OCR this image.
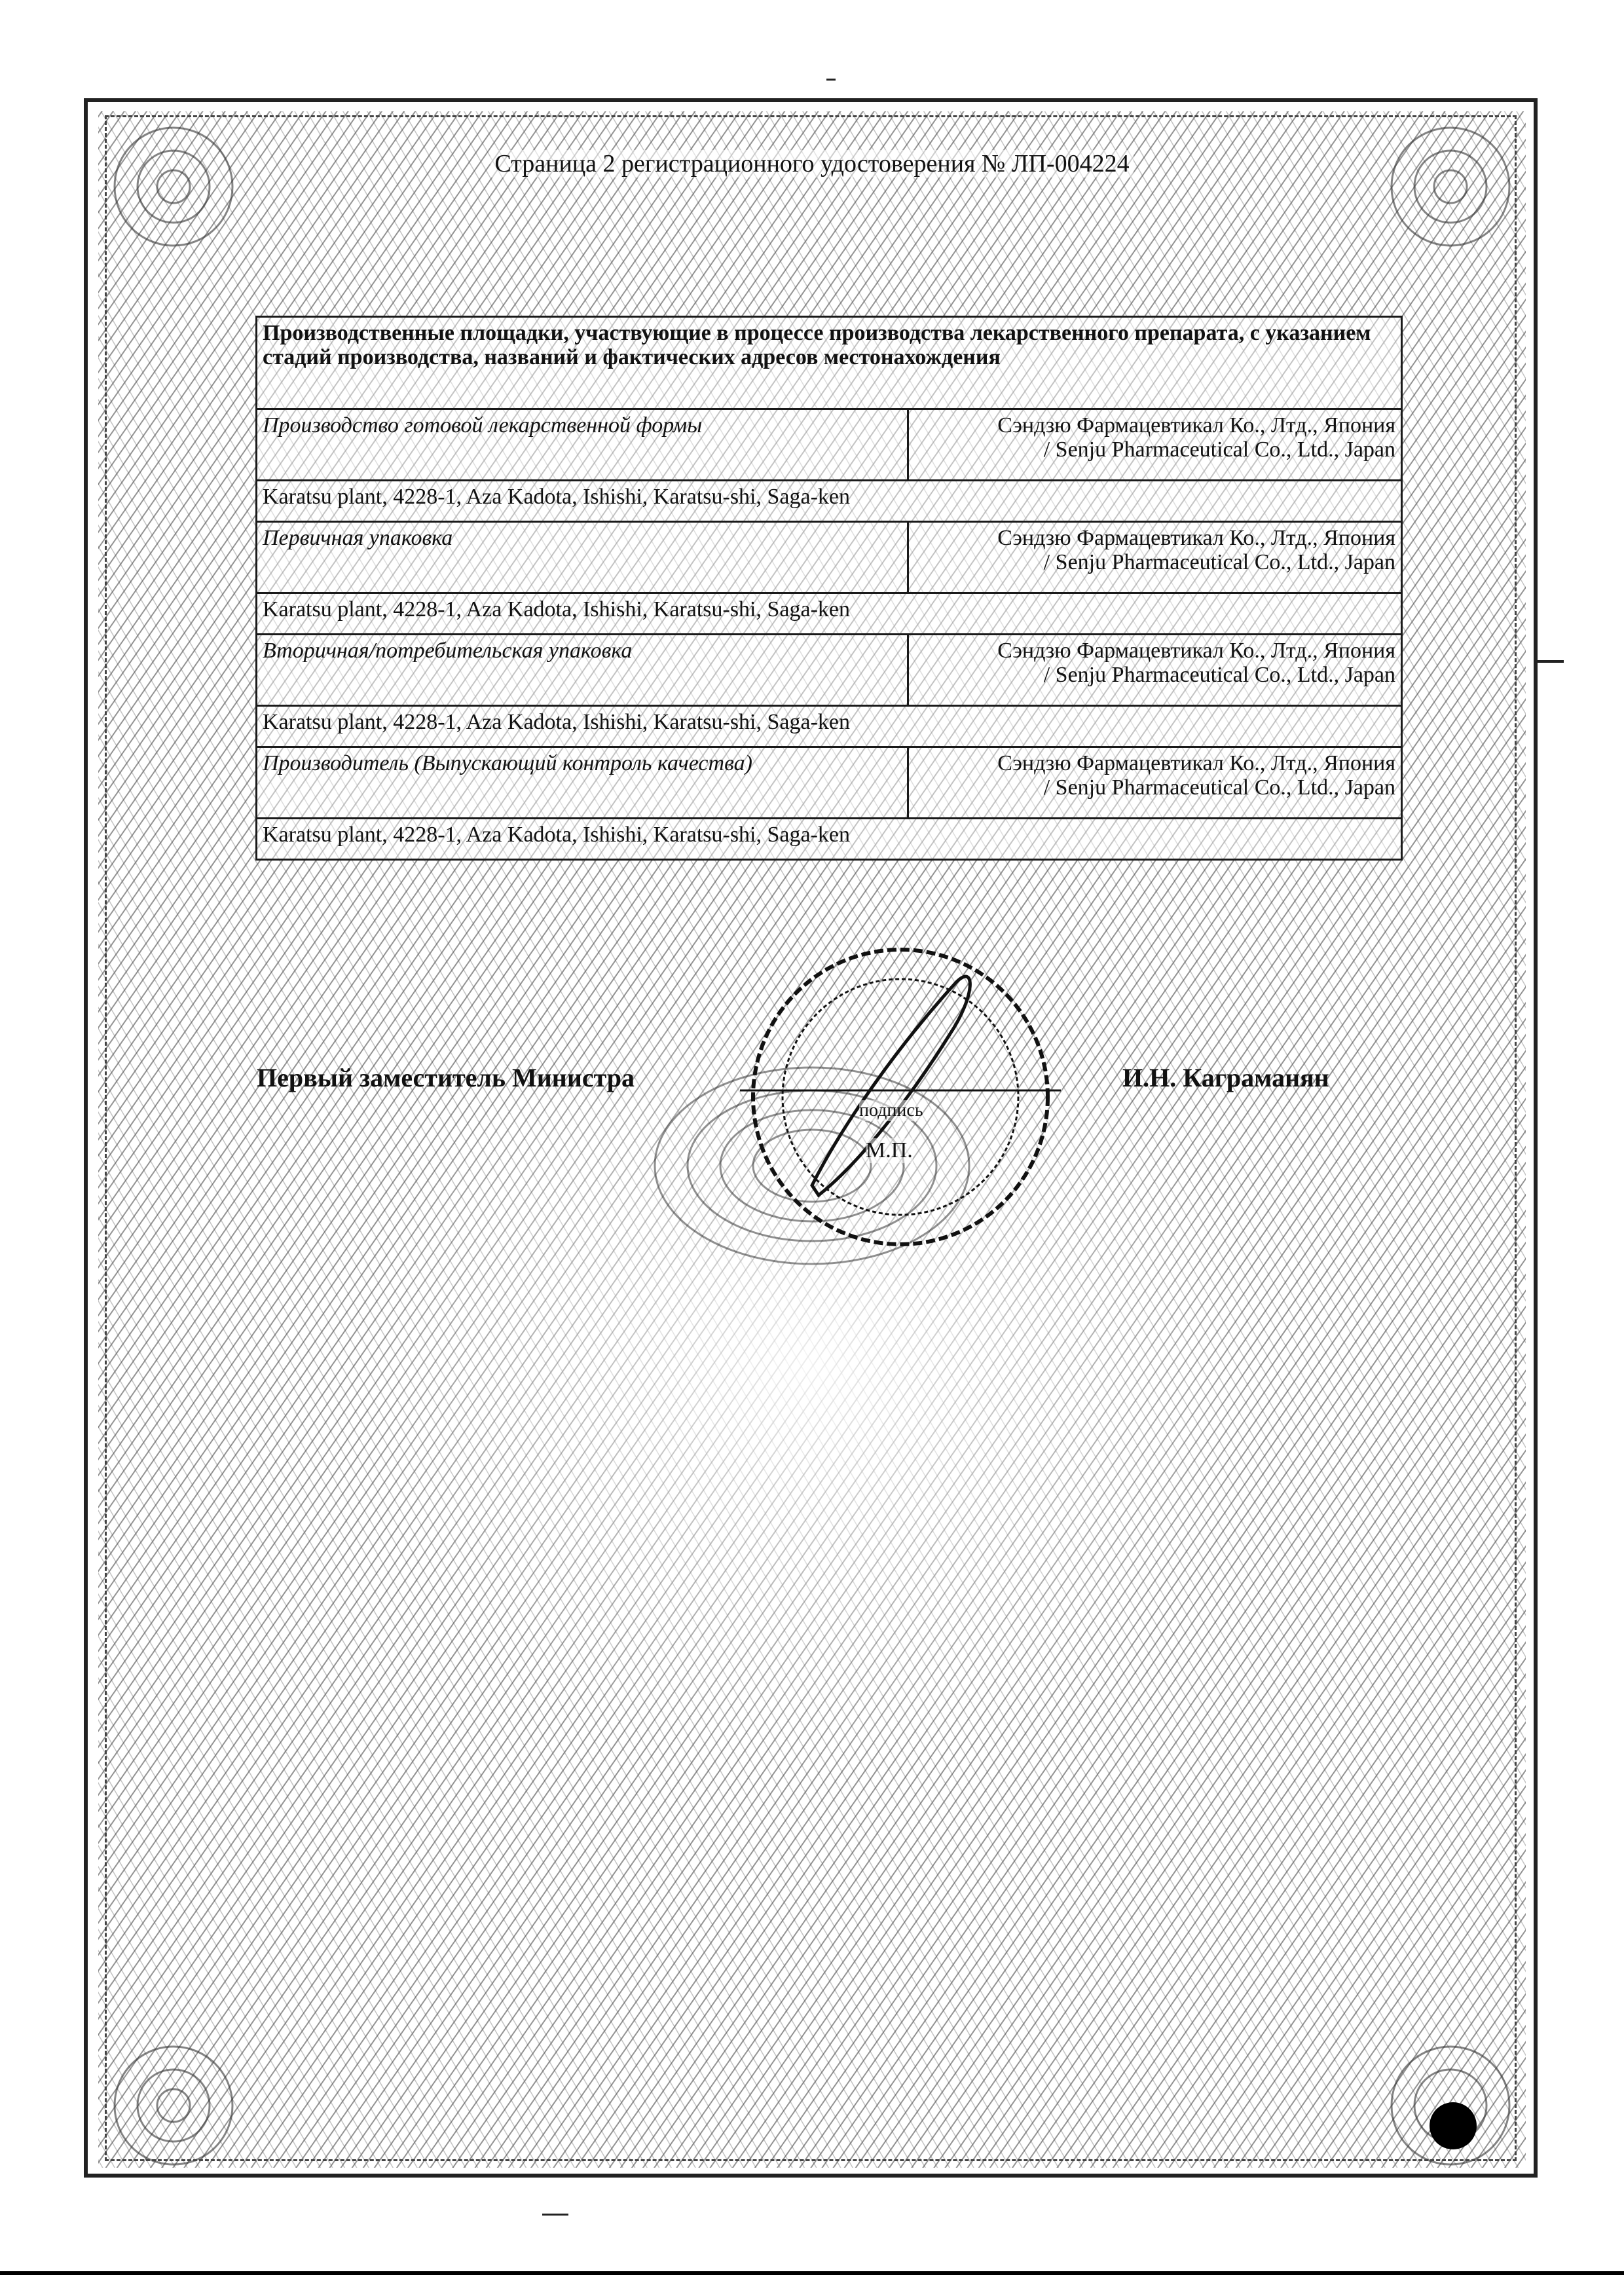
Страница 2 регистрационного удостоверения № ЛП-004224
Производственные площадки, участвующие в процессе производства лекарственного препарата, с указанием стадий производства, названий и фактических адресов местонахождения	
Производство готовой лекарственной формы	Сэндзю Фармацевтикал Ко., Лтд., Япония
/ Senju Pharmaceutical Co., Ltd., Japan

Karatsu plant, 4228-1, Aza Kadota, Ishishi, Karatsu-shi, Saga-ken	
Первичная упаковка	Сэндзю Фармацевтикал Ко., Лтд., Япония
/ Senju Pharmaceutical Co., Ltd., Japan

Karatsu plant, 4228-1, Aza Kadota, Ishishi, Karatsu-shi, Saga-ken	
Вторичная/потребительская упаковка	Сэндзю Фармацевтикал Ко., Лтд., Япония
/ Senju Pharmaceutical Co., Ltd., Japan

Karatsu plant, 4228-1, Aza Kadota, Ishishi, Karatsu-shi, Saga-ken	
Производитель (Выпускающий контроль качества)	Сэндзю Фармацевтикал Ко., Лтд., Япония
/ Senju Pharmaceutical Co., Ltd., Japan

Karatsu plant, 4228-1, Aza Kadota, Ishishi, Karatsu-shi, Saga-ken	
подпись
М.П.
Первый заместитель Министра	И.Н. Каграманян
